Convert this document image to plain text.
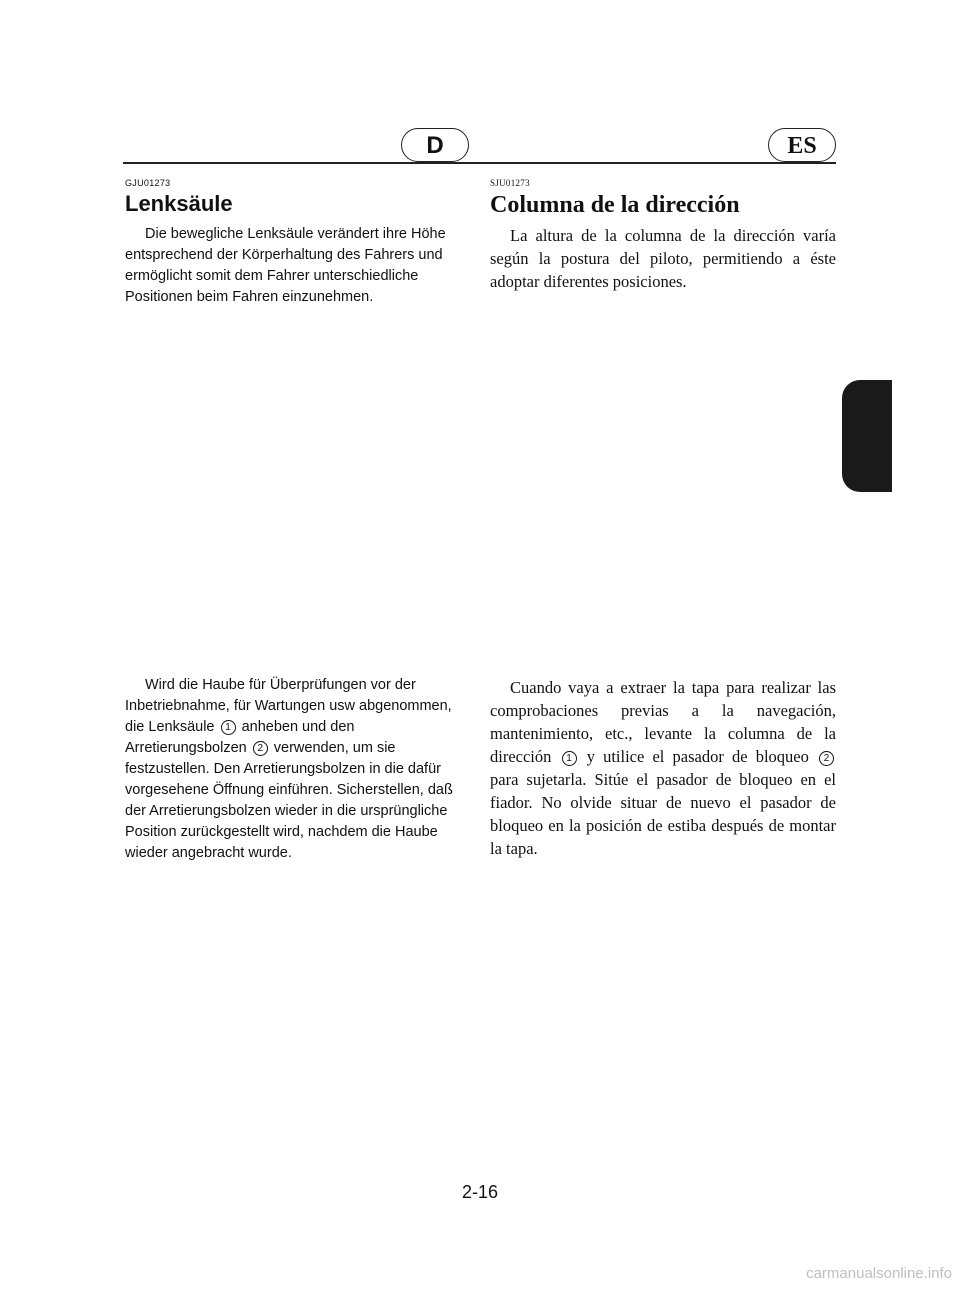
D	ES
GJU01273
Lenksäule

Die bewegliche Lenksäule verändert ihre Höhe entsprechend der Körperhaltung des Fahrers und ermöglicht somit dem Fahrer unterschiedliche Positionen beim Fahren einzunehmen.

SJU01273
Columna de la dirección

La altura de la columna de la dirección varía según la postura del piloto, permitiendo a éste adoptar diferentes posiciones.

Wird die Haube für Überprüfungen vor der Inbetriebnahme, für Wartungen usw abgenommen, die Lenksäule 1 anheben und den Arretierungsbolzen 2 verwenden, um sie festzustellen. Den Arretierungsbolzen in die dafür vorgesehene Öffnung einführen. Sicherstellen, daß der Arretierungsbolzen wieder in die ursprüngliche Position zurückgestellt wird, nachdem die Haube wieder angebracht wurde.

Cuando vaya a extraer la tapa para realizar las comprobaciones previas a la navegación, mantenimiento, etc., levante la columna de la dirección 1 y utilice el pasador de bloqueo 2 para sujetarla. Sitúe el pasador de bloqueo en el fiador. No olvide situar de nuevo el pasador de bloqueo en la posición de estiba después de montar la tapa.

2-16
carmanualsonline.info
